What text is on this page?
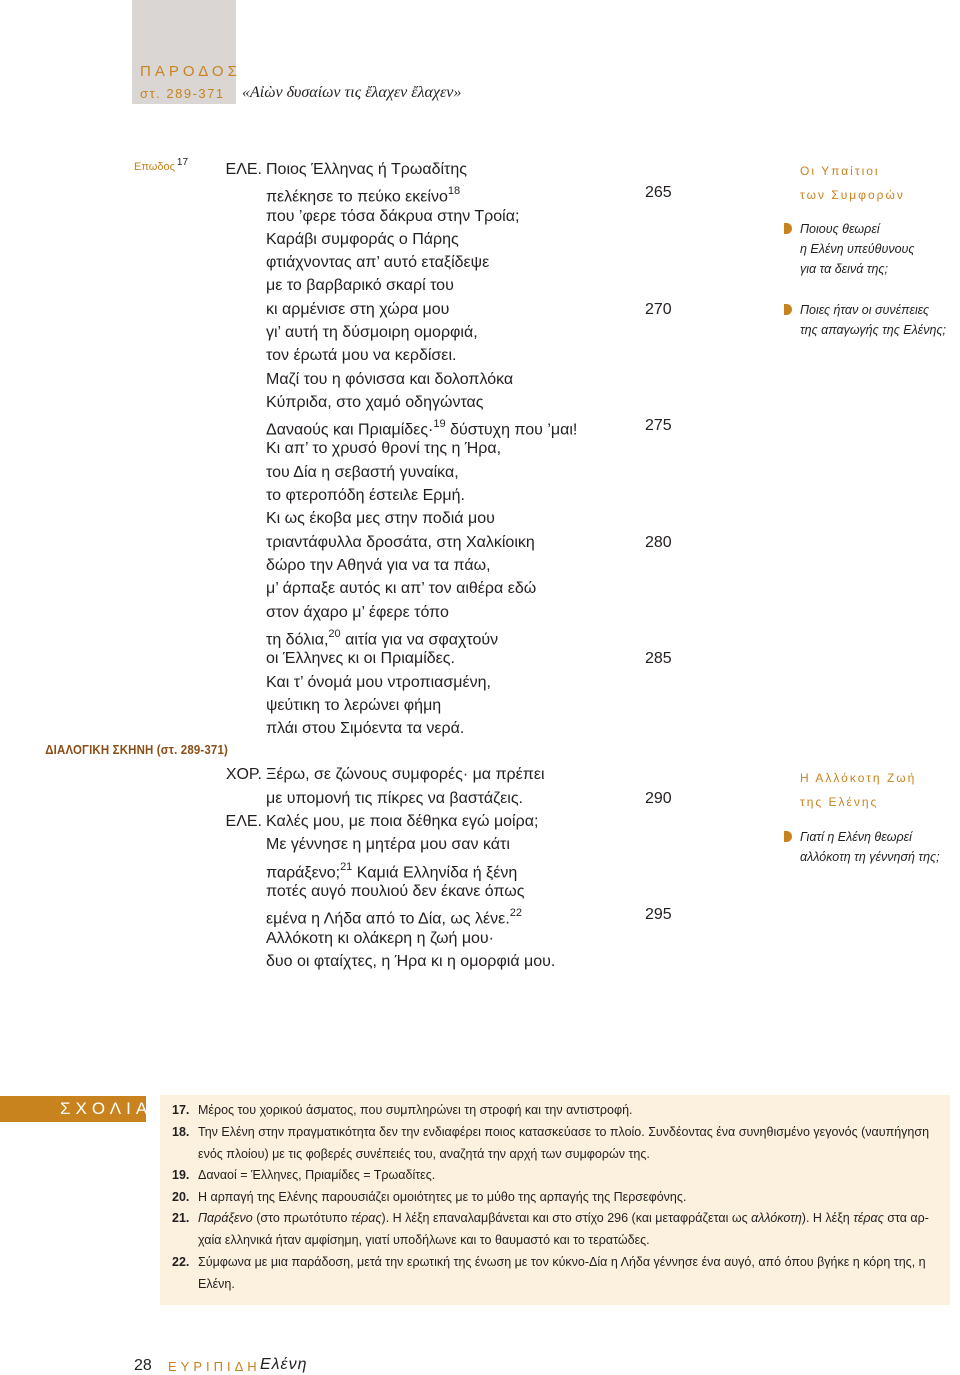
ΠΑΡΟΔΟΣ
στ. 289-371 «Αἰὼν δυσαίων τις ἔλαχεν ἔλαχεν»
Επωδος 17
ΔΙΑΛΟΓΙΚΗ ΣΚΗΝΗ (στ. 289-371)
ΕΛΕ.
ΧΟΡ.
ΕΛΕ.
Ποιος Έλληνας ή Τρωαδίτης
πελέκησε το πεύκο εκείνο$^{18}$
που ’φερε τόσα δάκρυα στην Τροία;
Καράβι συμφοράς ο Πάρης
φτιάχνοντας απ’ αυτό εταξίδεψε
με το βαρβαρικό σκαρί του
κι αρμένισε στη χώρα μου
γι’ αυτή τη δύσμοιρη ομορφιά,
τον έρωτά μου να κερδίσει.
Μαζί του η φόνισσα και δολοπλόκα
Κύπριδα, στο χαμό οδηγώντας
Δαναούς και Πριαμίδες·$^{19}$ δύστυχη που ’μαι!
Κι απ’ το χρυσό θρονί της η Ήρα,
του Δία η σεβαστή γυναίκα,
το φτεροπόδη έστειλε Ερμή.
Κι ως έκοβα μες στην ποδιά μου
τριαντάφυλλα δροσάτα, στη Χαλκίοικη
δώρο την Αθηνά για να τα πάω,
μ’ άρπαξε αυτός κι απ’ τον αιθέρα εδώ
στον άχαρο μ’ έφερε τόπο
τη δόλια,$^{20}$ αιτία για να σφαχτούν
οι Έλληνες κι οι Πριαμίδες.
Και τ’ όνομά μου ντροπιασμένη,
ψεύτικη το λερώνει φήμη
πλάι στου Σιμόεντα τα νερά.
Ξέρω, σε ζώνους συμφορές· μα πρέπει
με υπομονή τις πίκρες να βαστάζεις.
Καλές μου, με ποια δέθηκα εγώ μοίρα;
Με γέννησε η μητέρα μου σαν κάτι
παράξενο;$^{21}$ Καμιά Ελληνίδα ή ξένη
ποτές αυγό πουλιού δεν έκανε όπως
εμένα η Λήδα από το Δία, ως λένε.$^{22}$
Αλλόκοτη κι ολάκερη η ζωή μου·
δυο οι φταίχτες, η Ήρα κι η ομορφιά μου.
265
270
275
280
285
290
295
Οι Υπαίτιοι
των Συμφορών
Ποιους θεωρεί
η Ελένη υπεύθυνους
για τα δεινά της;
Ποιες ήταν οι συνέπειες
της απαγωγής της Ελένης;
Η Αλλόκοτη Ζωή
της Ελένης
Γιατί η Ελένη θεωρεί
αλλόκοτη τη γέννησή της;
ΣΧΟΛΙΑ 17. Μέρος του χορικού άσματος, που συμπληρώνει τη στροφή και την αντιστροφή.
18. Την Ελένη στην πραγματικότητα δεν την ενδιαφέρει ποιος κατασκεύασε το πλοίο. Συνδέοντας ένα συνηθισμένο γεγονός (ναυπήγηση
ενός πλοίου) με τις φοβερές συνέπειές του, αναζητά την αρχή των συμφορών της.
19. Δαναοί = Έλληνες, Πριαμίδες = Τρωαδίτες.
20. Η αρπαγή της Ελένης παρουσιάζει ομοιότητες με το μύθο της αρπαγής της Περσεφόνης.
21. Παράξενο (στο πρωτότυπο τέρας). Η λέξη επαναλαμβάνεται και στο στίχο 296 (και μεταφράζεται ως αλλόκοτη). Η λέξη τέρας στα αρ-
χαία ελληνικά ήταν αμφίσημη, γιατί υποδήλωνε και το θαυμαστό και το τερατώδες.
22. Σύμφωνα με μια παράδοση, μετά την ερωτική της ένωση με τον κύκνο-Δία η Λήδα γέννησε ένα αυγό, από όπου βγήκε η κόρη της, η
Ελένη.
28 ΕΥΡΙΠΙΔΗ Ελένη
